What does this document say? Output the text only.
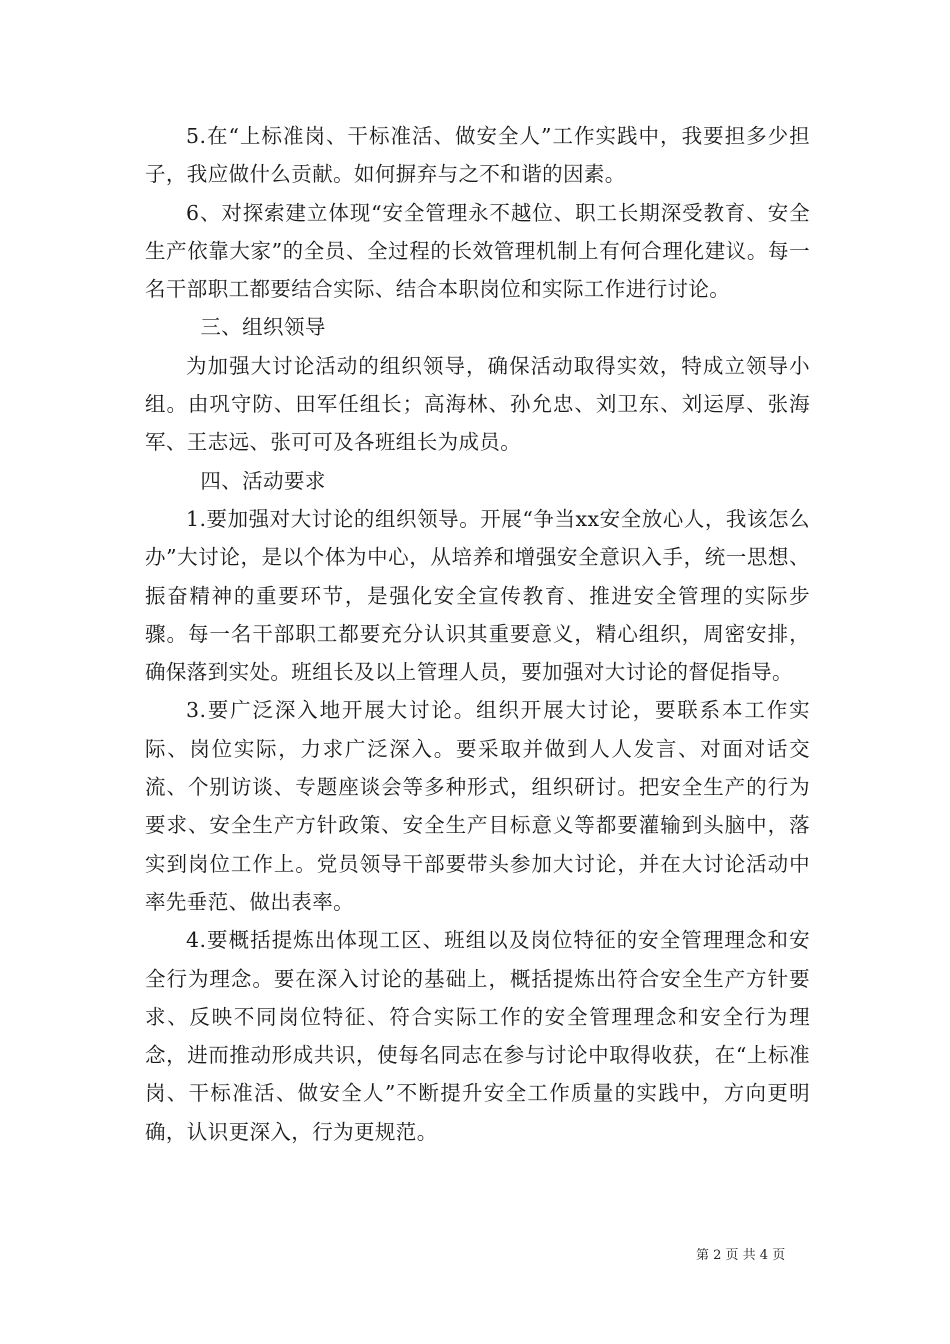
5.在“上标准岗、干标准活、做安全人”工作实践中，我要担多少担子，我应做什么贡献。如何摒弃与之不和谐的因素。

6、对探索建立体现“安全管理永不越位、职工长期深受教育、安全生产依靠大家”的全员、全过程的长效管理机制上有何合理化建议。每一名干部职工都要结合实际、结合本职岗位和实际工作进行讨论。

三、组织领导

为加强大讨论活动的组织领导，确保活动取得实效，特成立领导小组。由巩守防、田军任组长；高海林、孙允忠、刘卫东、刘运厚、张海军、王志远、张可可及各班组长为成员。

四、活动要求

1.要加强对大讨论的组织领导。开展“争当xx安全放心人，我该怎么办”大讨论，是以个体为中心，从培养和增强安全意识入手，统一思想、振奋精神的重要环节，是强化安全宣传教育、推进安全管理的实际步骤。每一名干部职工都要充分认识其重要意义，精心组织，周密安排，确保落到实处。班组长及以上管理人员，要加强对大讨论的督促指导。

3.要广泛深入地开展大讨论。组织开展大讨论，要联系本工作实际、岗位实际，力求广泛深入。要采取并做到人人发言、对面对话交流、个别访谈、专题座谈会等多种形式，组织研讨。把安全生产的行为要求、安全生产方针政策、安全生产目标意义等都要灌输到头脑中，落实到岗位工作上。党员领导干部要带头参加大讨论，并在大讨论活动中率先垂范、做出表率。

4.要概括提炼出体现工区、班组以及岗位特征的安全管理理念和安全行为理念。要在深入讨论的基础上，概括提炼出符合安全生产方针要求、反映不同岗位特征、符合实际工作的安全管理理念和安全行为理念，进而推动形成共识，使每名同志在参与讨论中取得收获，在“上标准岗、干标准活、做安全人”不断提升安全工作质量的实践中，方向更明确，认识更深入，行为更规范。

第 2 页 共 4 页
